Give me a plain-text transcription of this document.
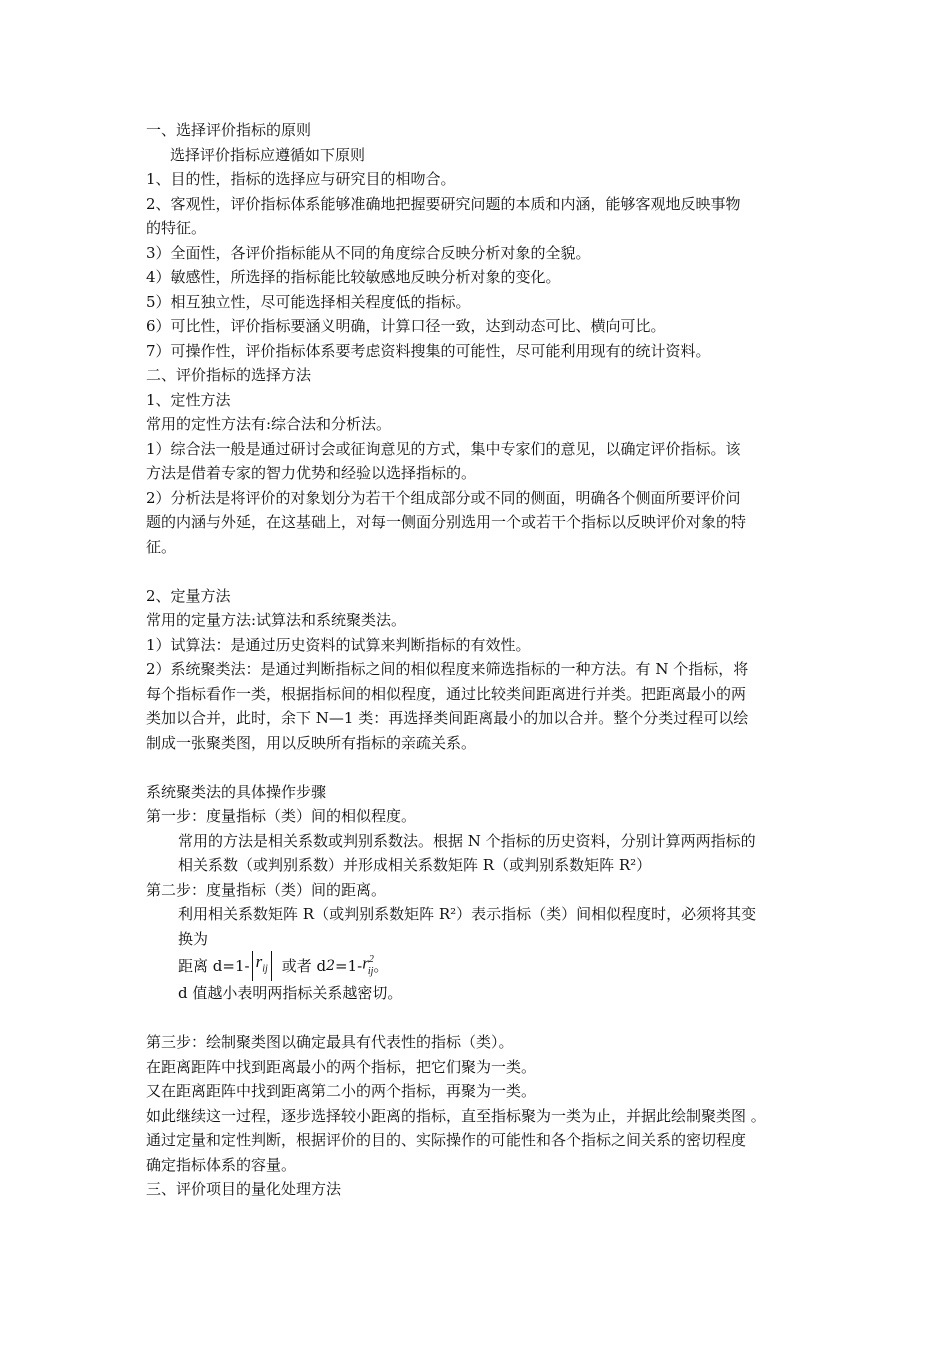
一、选择评价指标的原则

选择评价指标应遵循如下原则

1、目的性，指标的选择应与研究目的相吻合。

2、客观性，评价指标体系能够准确地把握要研究问题的本质和内涵，能够客观地反映事物

的特征。

3）全面性，各评价指标能从不同的角度综合反映分析对象的全貌。

4）敏感性，所选择的指标能比较敏感地反映分析对象的变化。

5）相互独立性，尽可能选择相关程度低的指标。

6）可比性，评价指标要涵义明确，计算口径一致，达到动态可比、横向可比。

7）可操作性，评价指标体系要考虑资料搜集的可能性，尽可能利用现有的统计资料。

二、评价指标的选择方法

1、定性方法

常用的定性方法有:综合法和分析法。

1）综合法一般是通过研讨会或征询意见的方式，集中专家们的意见，以确定评价指标。该

方法是借着专家的智力优势和经验以选择指标的。

2）分析法是将评价的对象划分为若干个组成部分或不同的侧面，明确各个侧面所要评价问

题的内涵与外延，在这基础上，对每一侧面分别选用一个或若干个指标以反映评价对象的特

征。

2、定量方法

常用的定量方法:试算法和系统聚类法。

1）试算法：是通过历史资料的试算来判断指标的有效性。

2）系统聚类法：是通过判断指标之间的相似程度来筛选指标的一种方法。有 N 个指标，将

每个指标看作一类，根据指标间的相似程度，通过比较类间距离进行并类。把距离最小的两

类加以合并，此时，余下 N—1 类：再选择类间距离最小的加以合并。整个分类过程可以绘

制成一张聚类图，用以反映所有指标的亲疏关系。

系统聚类法的具体操作步骤

第一步：度量指标（类）间的相似程度。

常用的方法是相关系数或判别系数法。根据 N 个指标的历史资料，分别计算两两指标的

相关系数（或判别系数）并形成相关系数矩阵 R（或判别系数矩阵 R²）

第二步：度量指标（类）间的距离。

利用相关系数矩阵 R（或判别系数矩阵 R²）表示指标（类）间相似程度时，必须将其变

换为

距离 d=1- $r_{ij}$ 或者 d 2 =1- $r^2_{ij}$ 。

d 值越小表明两指标关系越密切。

第三步：绘制聚类图以确定最具有代表性的指标（类）。

在距离距阵中找到距离最小的两个指标，把它们聚为一类。

又在距离距阵中找到距离第二小的两个指标，再聚为一类。

如此继续这一过程，逐步选择较小距离的指标，直至指标聚为一类为止，并据此绘制聚类图 。

通过定量和定性判断，根据评价的目的、实际操作的可能性和各个指标之间关系的密切程度

确定指标体系的容量。

三、评价项目的量化处理方法
